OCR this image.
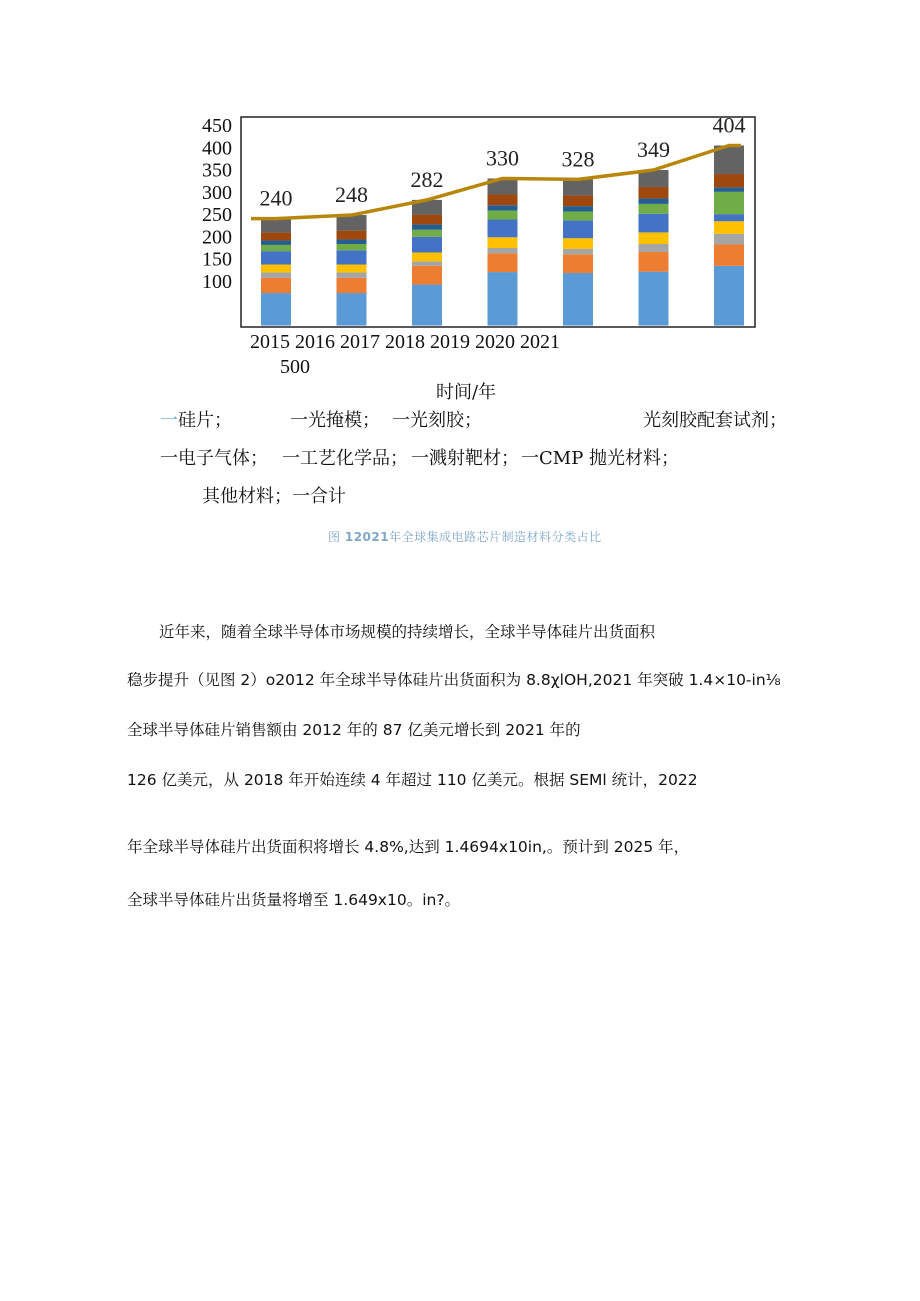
450
400
350
300
250
200
150
100
240 248
282
330 328 349
404
2015 2016 2017 2018 2019 2020 2021
500
时间/年
一硅片；	一光掩模； 一光刻胶；	光刻胶配套试剂；
一电子气体； 一工艺化学品； 一溅射靶材； 一CMP 抛光材料；
其他材料； 一合计
图 12021年全球集成电路芯片制造材料分类占比
近年来，随着全球半导体市场规模的持续增长，全球半导体硅片出货面积
稳步提升（见图 2）o2012 年全球半导体硅片出货面积为 8.8χlOH,2021 年突破 1.4×10-in⅛
全球半导体硅片销售额由 2012 年的 87 亿美元增长到 2021 年的
126 亿美元，从 2018 年开始连续 4 年超过 110 亿美元。根据 SEMl 统计，2022
年全球半导体硅片出货面积将增长 4.8%,达到 1.4694x10in,。预计到 2025 年，
全球半导体硅片出货量将增至 1.649x10。in?。
